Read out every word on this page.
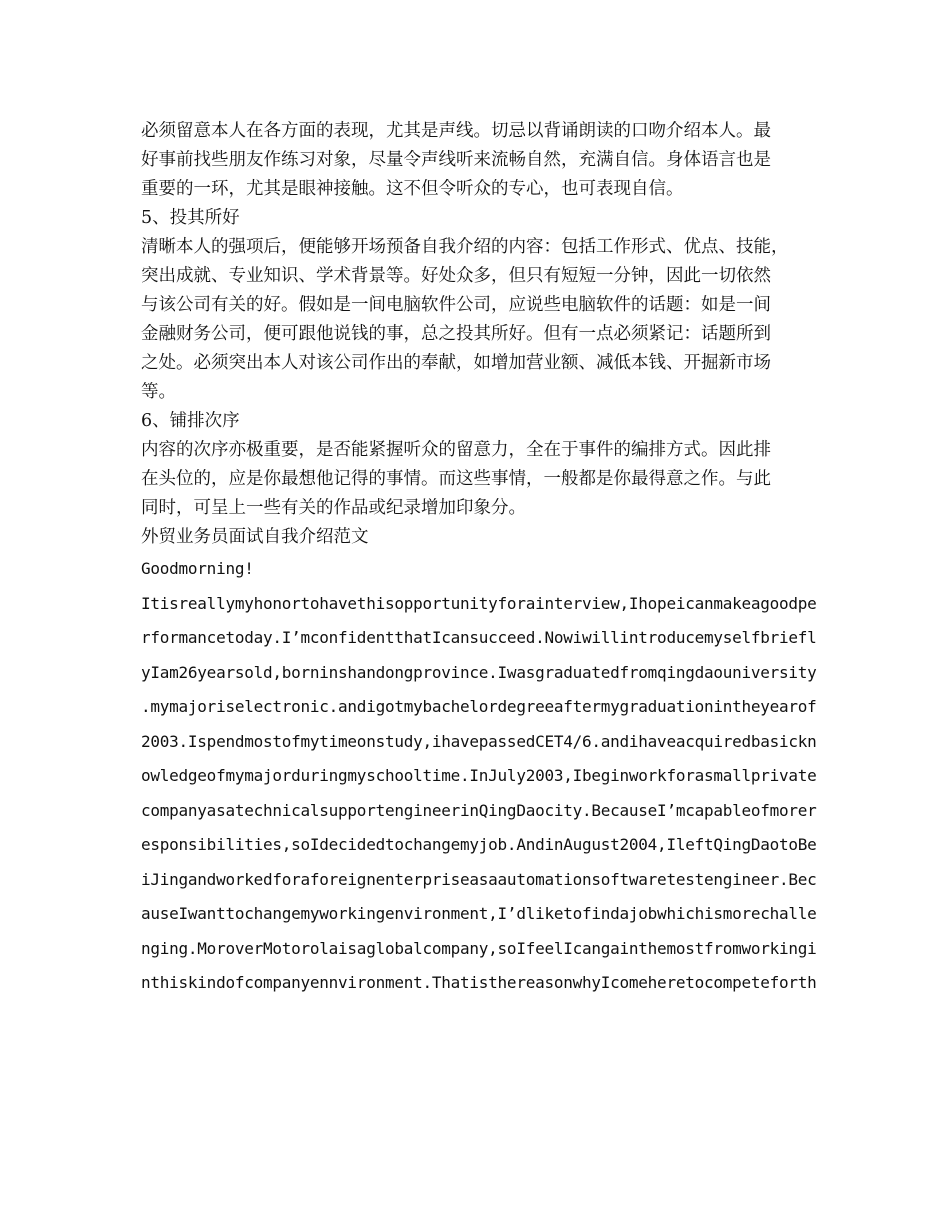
必须留意本人在各方面的表现，尤其是声线。切忌以背诵朗读的口吻介绍本人。最
好事前找些朋友作练习对象，尽量令声线听来流畅自然，充满自信。身体语言也是
重要的一环，尤其是眼神接触。这不但令听众的专心，也可表现自信。
5、投其所好
清晰本人的强项后，便能够开场预备自我介绍的内容：包括工作形式、优点、技能，
突出成就、专业知识、学术背景等。好处众多，但只有短短一分钟，因此一切依然
与该公司有关的好。假如是一间电脑软件公司，应说些电脑软件的话题：如是一间
金融财务公司，便可跟他说钱的事，总之投其所好。但有一点必须紧记：话题所到
之处。必须突出本人对该公司作出的奉献，如增加营业额、减低本钱、开掘新市场
等。
6、铺排次序
内容的次序亦极重要，是否能紧握听众的留意力，全在于事件的编排方式。因此排
在头位的，应是你最想他记得的事情。而这些事情，一般都是你最得意之作。与此
同时，可呈上一些有关的作品或纪录增加印象分。
外贸业务员面试自我介绍范文
Goodmorning!
Itisreallymyhonortohavethisopportunityforainterview,Ihopeicanmakeagoodpe
rformancetoday.I’mconfidentthatIcansucceed.Nowiwillintroducemyselfbriefl
yIam26yearsold,borninshandongprovince.Iwasgraduatedfromqingdaouniversity
.mymajoriselectronic.andigotmybachelordegreeaftermygraduationintheyearof
2003.Ispendmostofmytimeonstudy,ihavepassedCET4/6.andihaveacquiredbasickn
owledgeofmymajorduringmyschooltime.InJuly2003,Ibeginworkforasmallprivate
companyasatechnicalsupportengineerinQingDaocity.BecauseI’mcapableofmorer
esponsibilities,soIdecidedtochangemyjob.AndinAugust2004,IleftQingDaotoBe
iJingandworkedforaforeignenterpriseasaautomationsoftwaretestengineer.Bec
auseIwanttochangemyworkingenvironment,I’dliketofindajobwhichismorechalle
nging.MoroverMotorolaisaglobalcompany,soIfeelIcangainthemostfromworkingi
nthiskindofcompanyennvironment.ThatisthereasonwhyIcomeheretocompeteforth
